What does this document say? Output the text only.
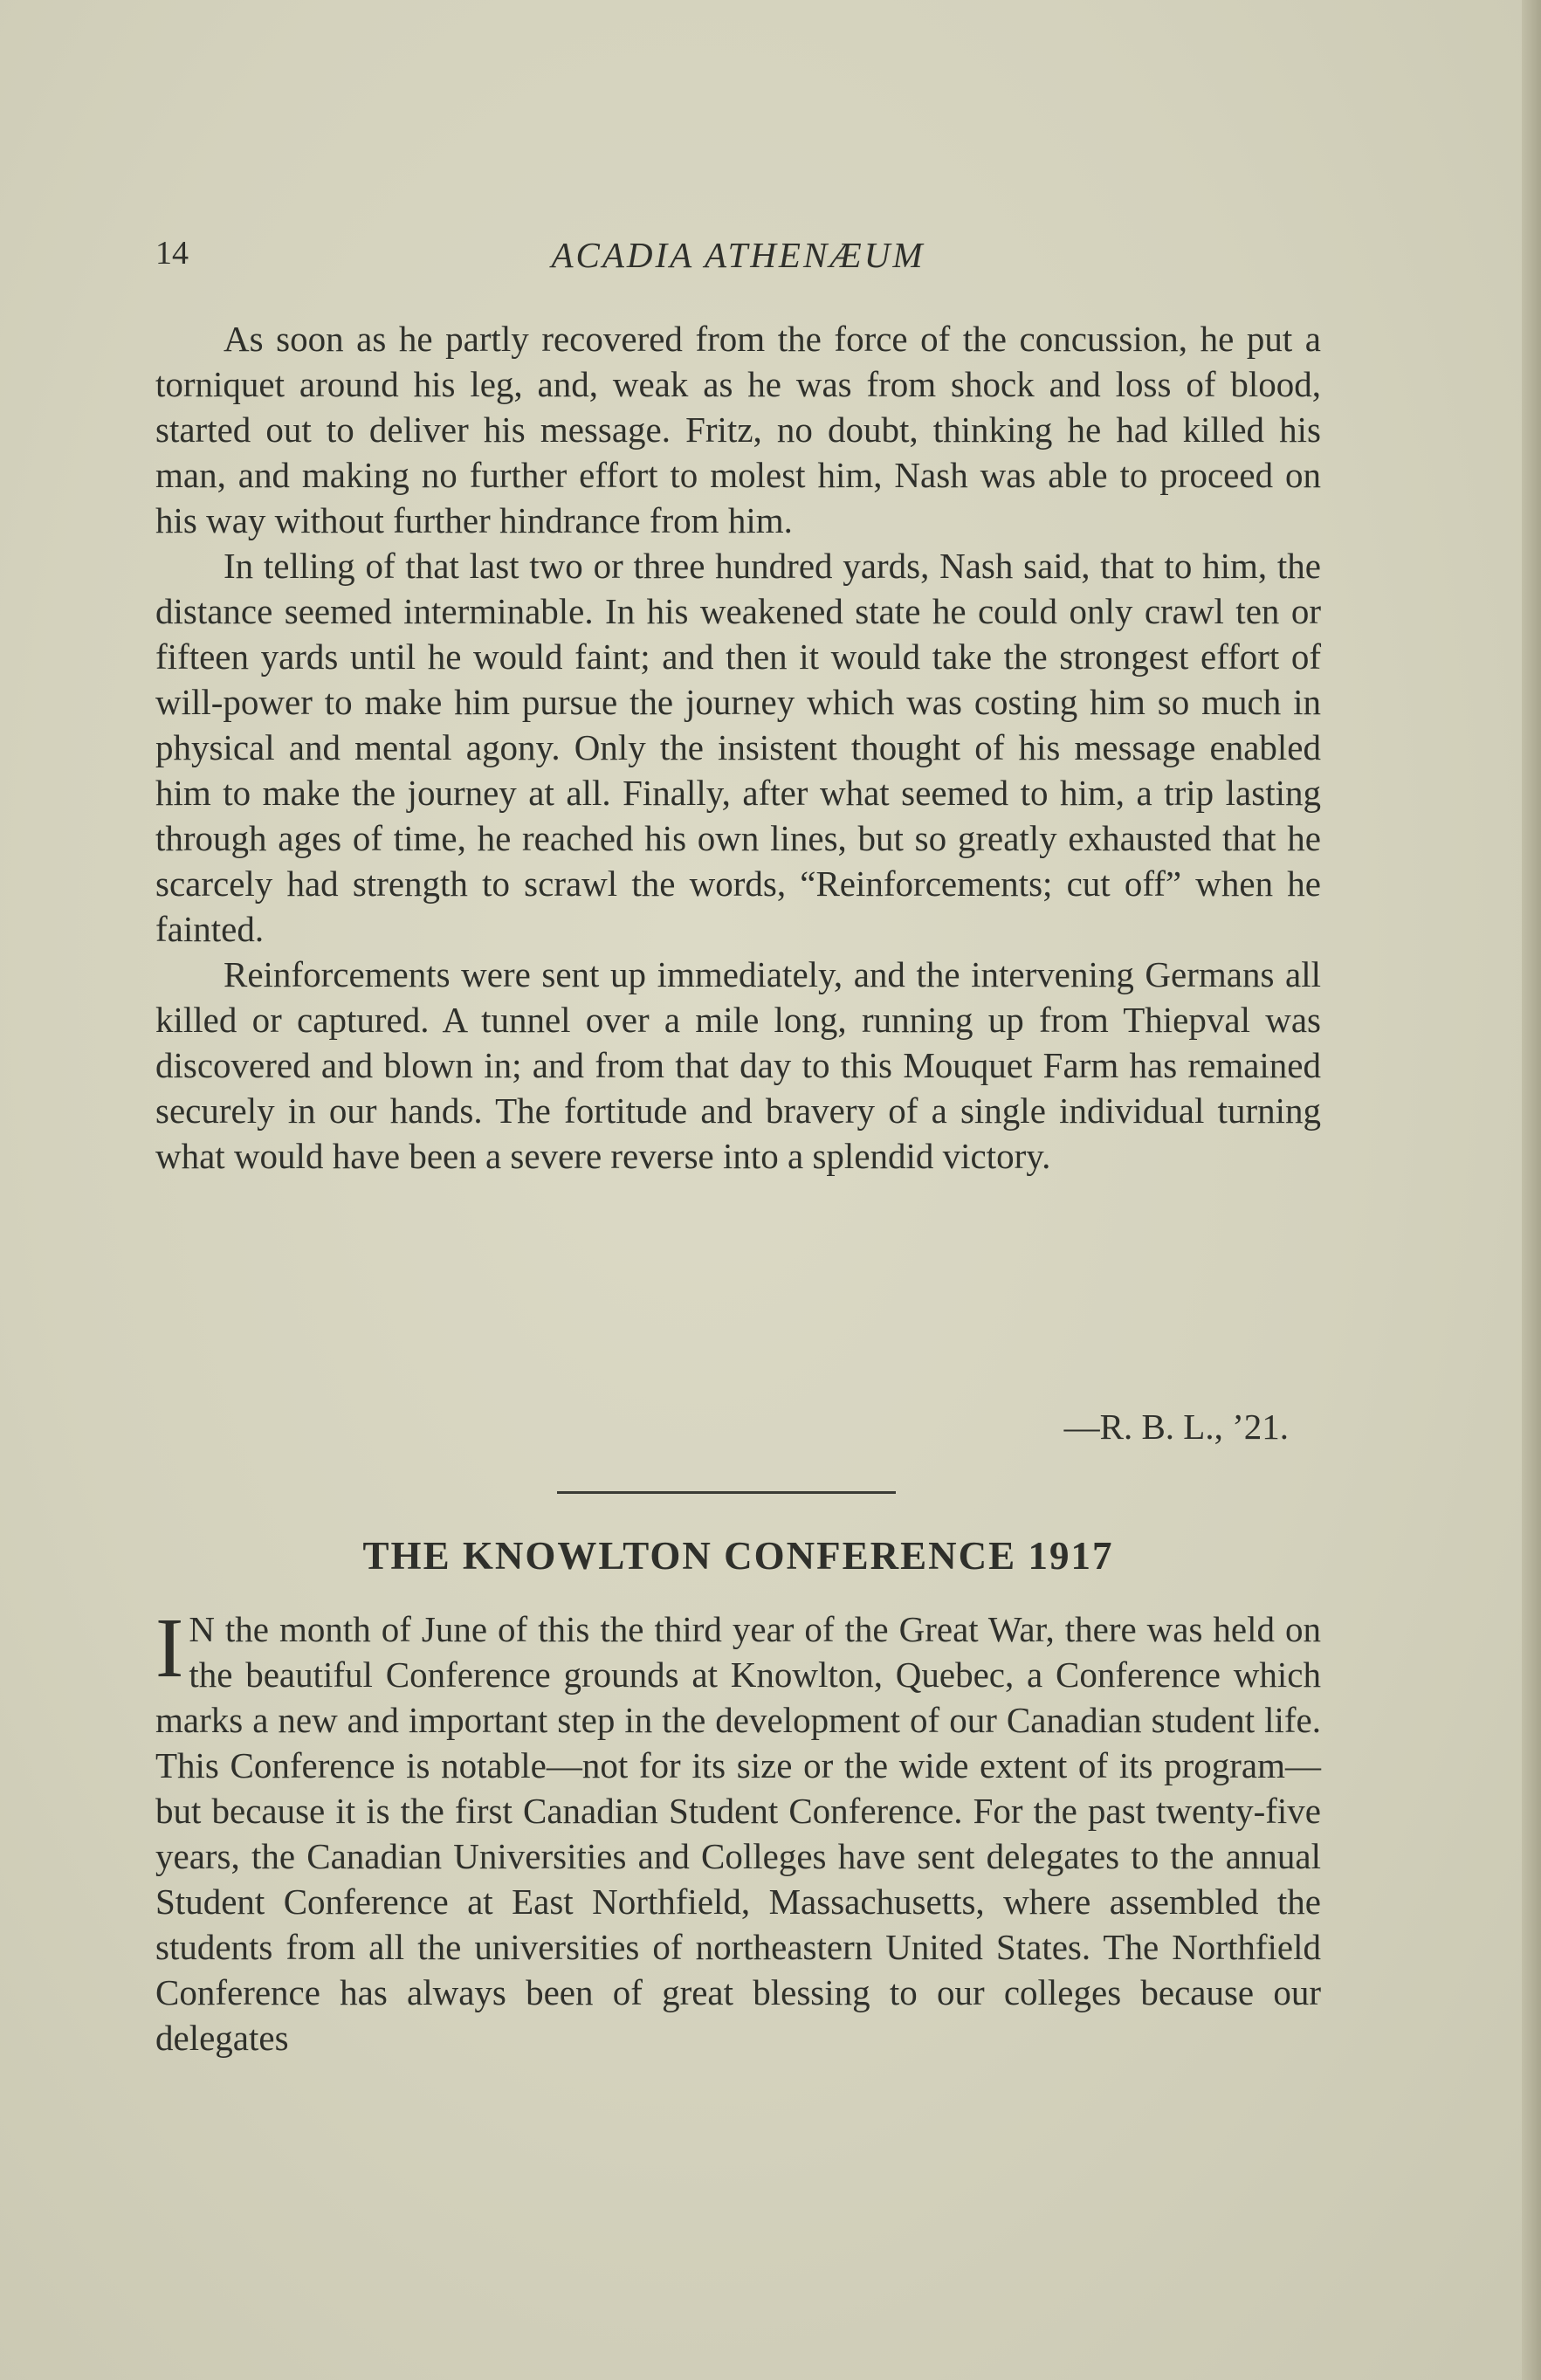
14	ACADIA ATHENÆUM

As soon as he partly recovered from the force of the concussion, he put a torniquet around his leg, and, weak as he was from shock and loss of blood, started out to deliver his message. Fritz, no doubt, thinking he had killed his man, and making no further effort to molest him, Nash was able to proceed on his way without further hindrance from him.

In telling of that last two or three hundred yards, Nash said, that to him, the distance seemed interminable. In his weakened state he could only crawl ten or fifteen yards until he would faint; and then it would take the strongest effort of will-power to make him pursue the journey which was costing him so much in physical and mental agony. Only the insistent thought of his message enabled him to make the journey at all. Finally, after what seemed to him, a trip lasting through ages of time, he reached his own lines, but so greatly exhausted that he scarcely had strength to scrawl the words, “Reinforcements; cut off” when he fainted.

Reinforcements were sent up immediately, and the intervening Germans all killed or captured. A tunnel over a mile long, running up from Thiepval was discovered and blown in; and from that day to this Mouquet Farm has remained securely in our hands. The fortitude and bravery of a single individual turning what would have been a severe reverse into a splendid victory.

—R. B. L., ’21.
THE KNOWLTON CONFERENCE 1917

I N the month of June of this the third year of the Great War, there was held on the beautiful Conference grounds at Knowlton, Quebec, a Conference which marks a new and important step in the development of our Canadian student life. This Conference is notable—not for its size or the wide extent of its program—but because it is the first Canadian Student Conference. For the past twenty-five years, the Canadian Universities and Colleges have sent delegates to the annual Student Conference at East Northfield, Massachusetts, where assembled the students from all the universities of northeastern United States. The Northfield Conference has always been of great blessing to our colleges because our delegates
